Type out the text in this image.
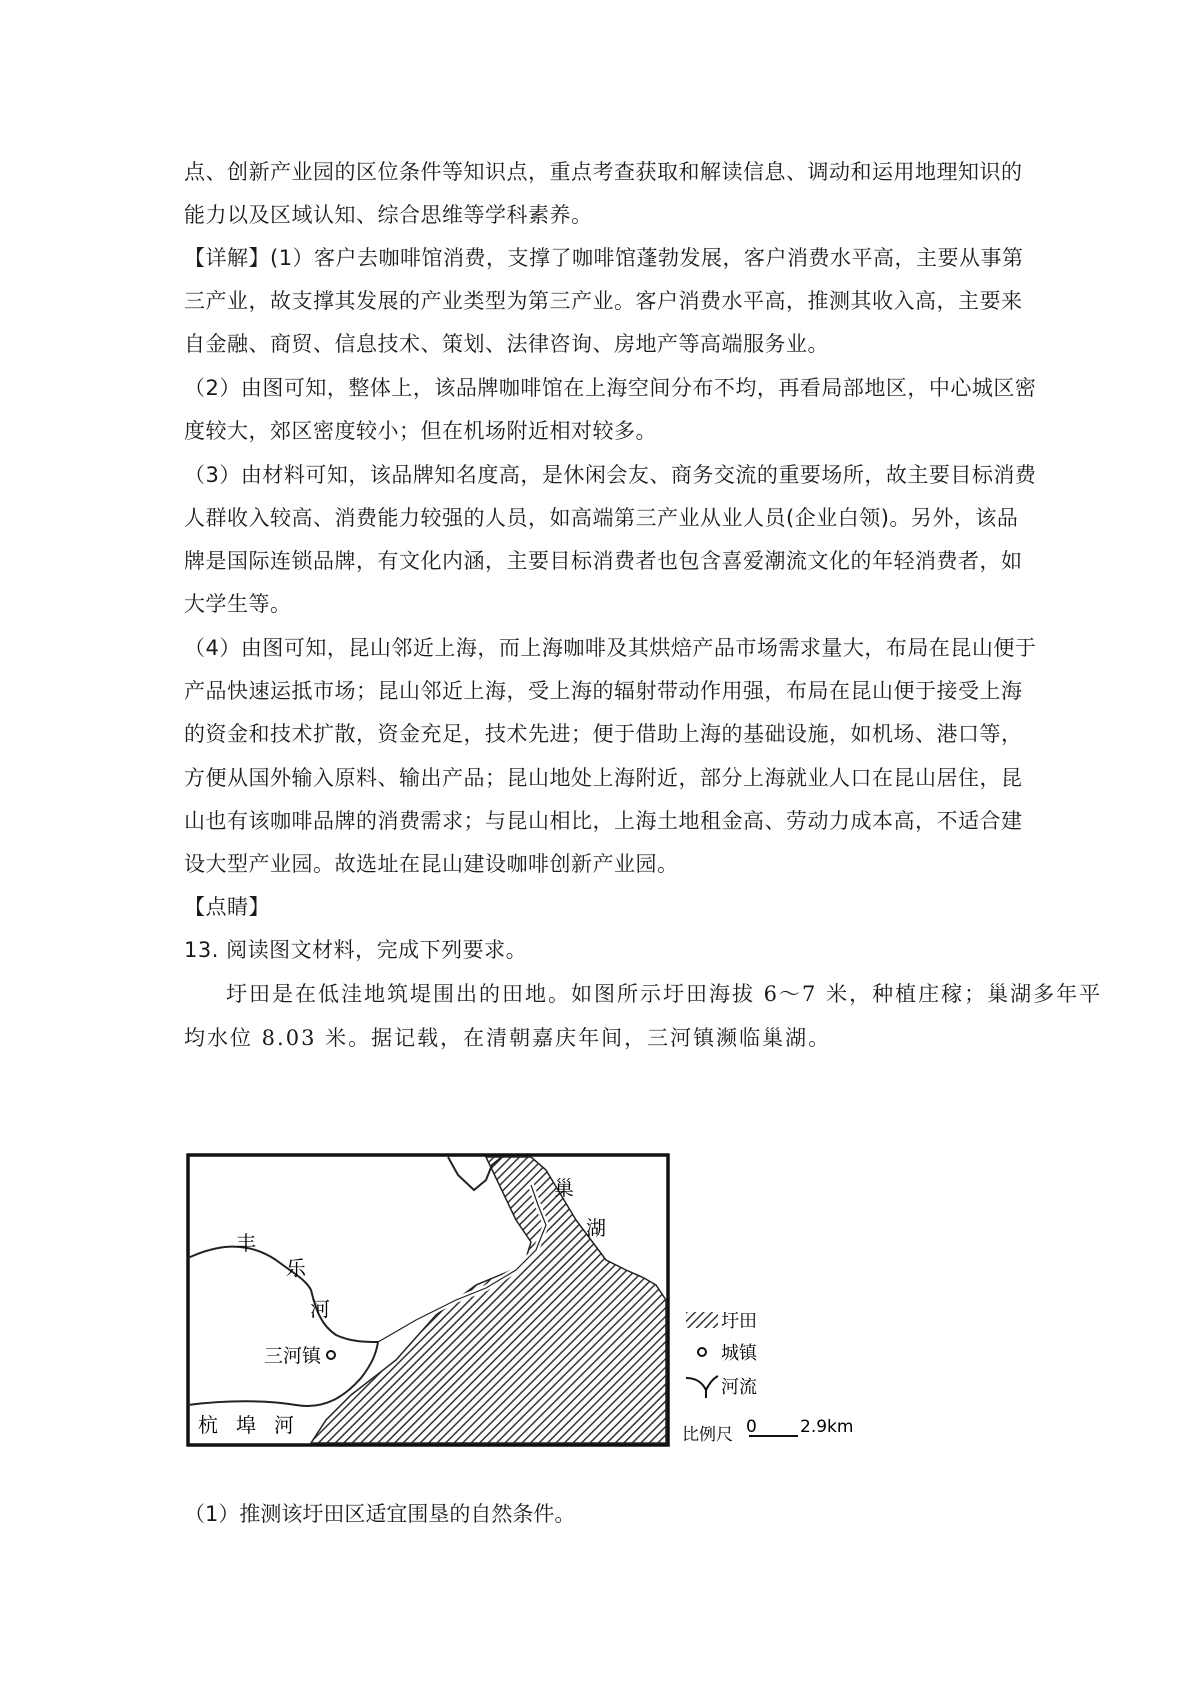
点、创新产业园的区位条件等知识点，重点考查获取和解读信息、调动和运用地理知识的
能力以及区域认知、综合思维等学科素养。
【详解】(1）客户去咖啡馆消费，支撑了咖啡馆蓬勃发展，客户消费水平高，主要从事第
三产业，故支撑其发展的产业类型为第三产业。客户消费水平高，推测其收入高，主要来
自金融、商贸、信息技术、策划、法律咨询、房地产等高端服务业。
（2）由图可知，整体上，该品牌咖啡馆在上海空间分布不均，再看局部地区，中心城区密
度较大，郊区密度较小；但在机场附近相对较多。
（3）由材料可知，该品牌知名度高，是休闲会友、商务交流的重要场所，故主要目标消费
人群收入较高、消费能力较强的人员，如高端第三产业从业人员(企业白领)。另外，该品
牌是国际连锁品牌，有文化内涵，主要目标消费者也包含喜爱潮流文化的年轻消费者，如
大学生等。
（4）由图可知，昆山邻近上海，而上海咖啡及其烘焙产品市场需求量大，布局在昆山便于
产品快速运抵市场；昆山邻近上海，受上海的辐射带动作用强，布局在昆山便于接受上海
的资金和技术扩散，资金充足，技术先进；便于借助上海的基础设施，如机场、港口等，
方便从国外输入原料、输出产品；昆山地处上海附近，部分上海就业人口在昆山居住，昆
山也有该咖啡品牌的消费需求；与昆山相比，上海土地租金高、劳动力成本高，不适合建
设大型产业园。故选址在昆山建设咖啡创新产业园。
【点睛】
13. 阅读图文材料，完成下列要求。
圩田是在低洼地筑堤围出的田地。如图所示圩田海拔 6～7 米，种植庄稼；巢湖多年平
均水位 8.03 米。据记载，在清朝嘉庆年间，三河镇濒临巢湖。
巢
湖
丰
乐
河
三河镇
杭 埠 河
圩田
城镇
河流
比例尺 0	2.9km
（1）推测该圩田区适宜围垦的自然条件。
